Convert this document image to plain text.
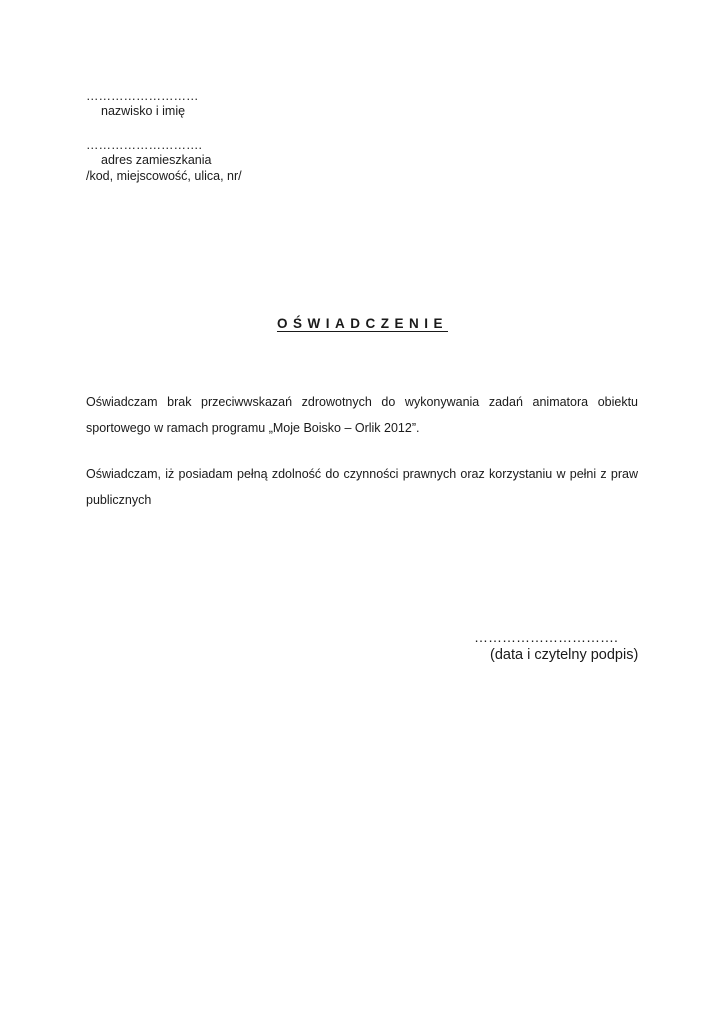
………………………
nazwisko i imię
……………………….
adres zamieszkania
/kod, miejscowość, ulica, nr/
OŚWIADCZENIE
Oświadczam brak przeciwwskazań zdrowotnych do wykonywania zadań animatora obiektu sportowego w ramach programu „Moje Boisko – Orlik 2012”.
Oświadczam, iż posiadam pełną zdolność do czynności prawnych oraz korzystaniu w pełni z praw publicznych
………………………….
(data i czytelny podpis)
